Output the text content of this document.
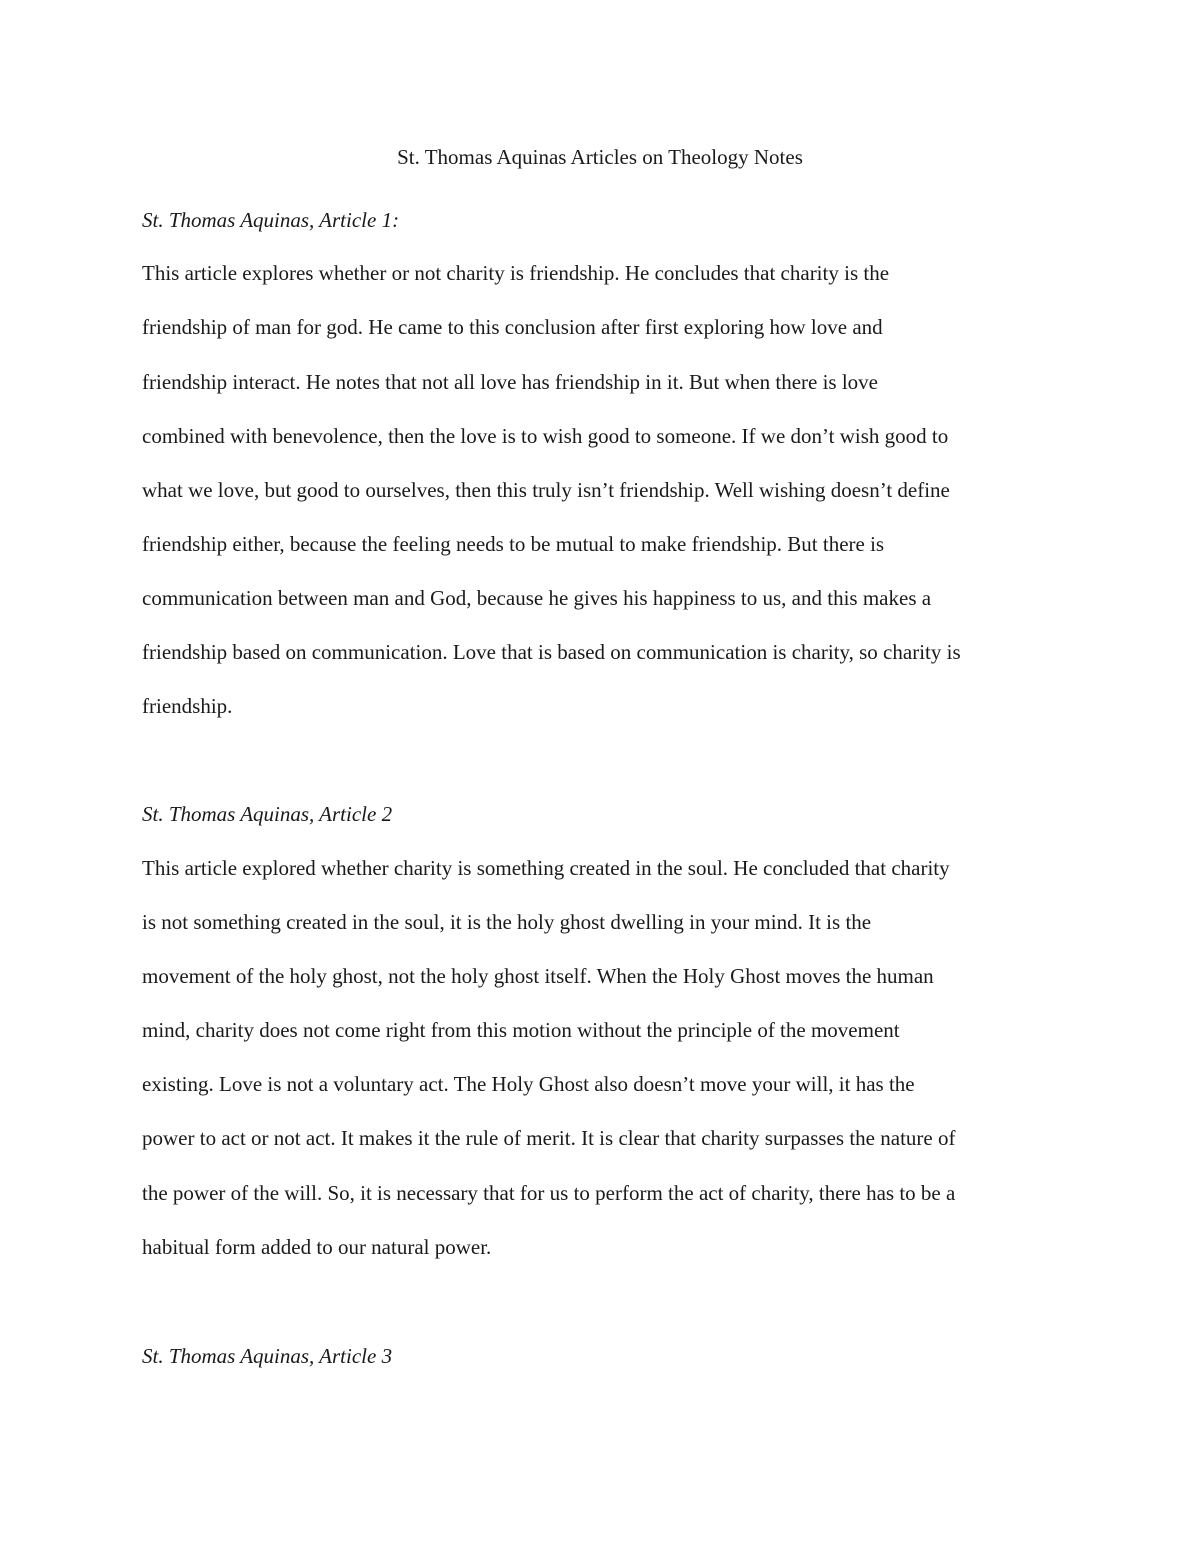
St. Thomas Aquinas Articles on Theology Notes

St. Thomas Aquinas, Article 1:

This article explores whether or not charity is friendship. He concludes that charity is the

friendship of man for god. He came to this conclusion after first exploring how love and

friendship interact. He notes that not all love has friendship in it. But when there is love

combined with benevolence, then the love is to wish good to someone. If we don’t wish good to

what we love, but good to ourselves, then this truly isn’t friendship. Well wishing doesn’t define

friendship either, because the feeling needs to be mutual to make friendship. But there is

communication between man and God, because he gives his happiness to us, and this makes a

friendship based on communication. Love that is based on communication is charity, so charity is

friendship.

St. Thomas Aquinas, Article 2

This article explored whether charity is something created in the soul. He concluded that charity

is not something created in the soul, it is the holy ghost dwelling in your mind. It is the

movement of the holy ghost, not the holy ghost itself. When the Holy Ghost moves the human

mind, charity does not come right from this motion without the principle of the movement

existing. Love is not a voluntary act. The Holy Ghost also doesn’t move your will, it has the

power to act or not act. It makes it the rule of merit. It is clear that charity surpasses the nature of

the power of the will. So, it is necessary that for us to perform the act of charity, there has to be a

habitual form added to our natural power.

St. Thomas Aquinas, Article 3
